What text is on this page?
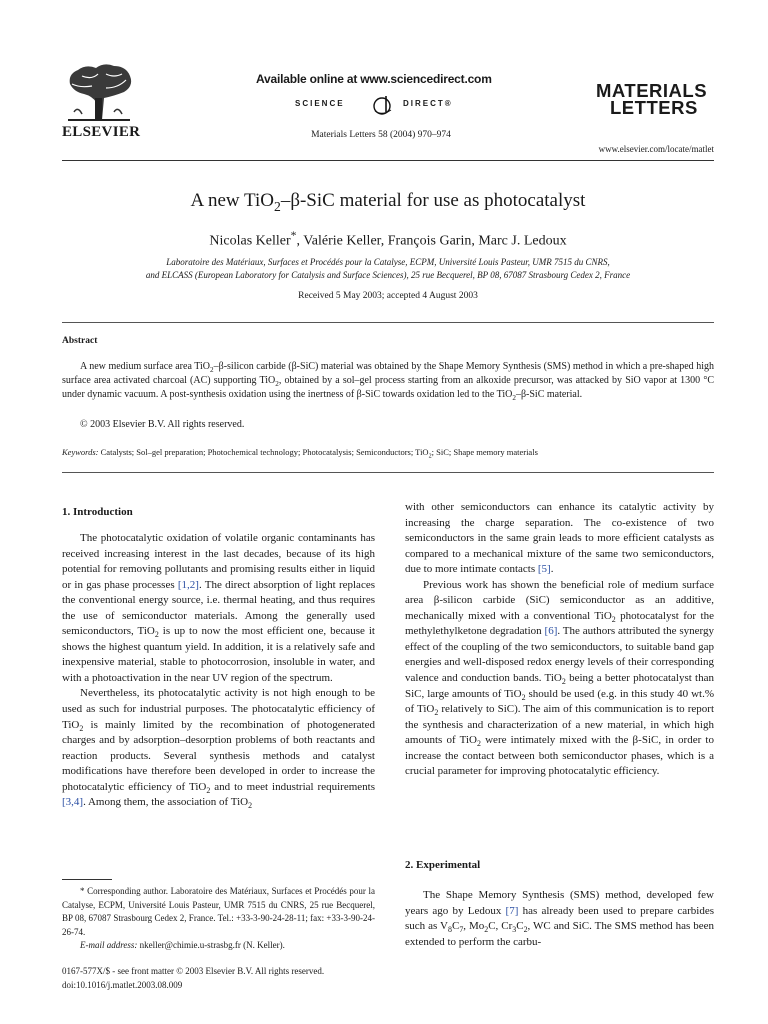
ELSEVIER
Available online at www.sciencedirect.com
SCIENCE	DIRECT®
Materials Letters 58 (2004) 970–974
MATERIALS
LETTERS
www.elsevier.com/locate/matlet
A new TiO$_2$–β-SiC material for use as photocatalyst
Nicolas Keller*, Valérie Keller, François Garin, Marc J. Ledoux
Laboratoire des Matériaux, Surfaces et Procédés pour la Catalyse, ECPM, Université Louis Pasteur, UMR 7515 du CNRS,
and ELCASS (European Laboratory for Catalysis and Surface Sciences), 25 rue Becquerel, BP 08, 67087 Strasbourg Cedex 2, France
Received 5 May 2003; accepted 4 August 2003
Abstract
A new medium surface area TiO$_2$–β-silicon carbide (β-SiC) material was obtained by the Shape Memory Synthesis (SMS) method in which a pre-shaped high surface area activated charcoal (AC) supporting TiO$_2$, obtained by a sol–gel process starting from an alkoxide precursor, was attacked by SiO vapor at 1300 °C under dynamic vacuum. A post-synthesis oxidation using the inertness of β-SiC towards oxidation led to the TiO$_2$–β-SiC material.
© 2003 Elsevier B.V. All rights reserved.
Keywords: Catalysts; Sol–gel preparation; Photochemical technology; Photocatalysis; Semiconductors; TiO$_2$; SiC; Shape memory materials
1. Introduction

The photocatalytic oxidation of volatile organic contaminants has received increasing interest in the last decades, because of its high potential for removing pollutants and promising results either in liquid or in gas phase processes [1,2]. The direct absorption of light replaces the conventional energy source, i.e. thermal heating, and thus requires the use of semiconductor materials. Among the generally used semiconductors, TiO$_2$ is up to now the most efficient one, because it shows the highest quantum yield. In addition, it is a relatively safe and inexpensive material, stable to photocorrosion, insoluble in water, and with a photoactivation in the near UV region of the spectrum.

Nevertheless, its photocatalytic activity is not high enough to be used as such for industrial purposes. The photocatalytic efficiency of TiO$_2$ is mainly limited by the recombination of photogenerated charges and by adsorption–desorption problems of both reactants and reaction products. Several synthesis methods and catalyst modifications have therefore been developed in order to increase the photocatalytic efficiency of TiO$_2$ and to meet industrial requirements [3,4]. Among them, the association of TiO$_2$

with other semiconductors can enhance its catalytic activity by increasing the charge separation. The co-existence of two semiconductors in the same grain leads to more efficient catalysts as compared to a mechanical mixture of the same two semiconductors, due to more intimate contacts [5].

Previous work has shown the beneficial role of medium surface area β-silicon carbide (SiC) semiconductor as an additive, mechanically mixed with a conventional TiO$_2$ photocatalyst for the methylethylketone degradation [6]. The authors attributed the synergy effect of the coupling of the two semiconductors, to suitable band gap energies and well-disposed redox energy levels of their corresponding valence and conduction bands. TiO$_2$ being a better photocatalyst than SiC, large amounts of TiO$_2$ should be used (e.g. in this study 40 wt.% of TiO$_2$ relatively to SiC). The aim of this communication is to report the synthesis and characterization of a new material, in which high amounts of TiO$_2$ were intimately mixed with the β-SiC, in order to increase the contact between both semiconductor phases, which is a crucial parameter for improving photocatalytic efficiency.

2. Experimental

The Shape Memory Synthesis (SMS) method, developed few years ago by Ledoux [7] has already been used to prepare carbides such as $V_8C_7$, $Mo_2C$, $Cr_3C_2$, WC and SiC. The SMS method has been extended to perform the carbu-

* Corresponding author. Laboratoire des Matériaux, Surfaces et Procédés pour la Catalyse, ECPM, Université Louis Pasteur, UMR 7515 du CNRS, 25 rue Becquerel, BP 08, 67087 Strasbourg Cedex 2, France. Tel.: +33-3-90-24-28-11; fax: +33-3-90-24-26-74.

E-mail address: nkeller@chimie.u-strasbg.fr (N. Keller).

0167-577X/$ - see front matter © 2003 Elsevier B.V. All rights reserved.
doi:10.1016/j.matlet.2003.08.009
